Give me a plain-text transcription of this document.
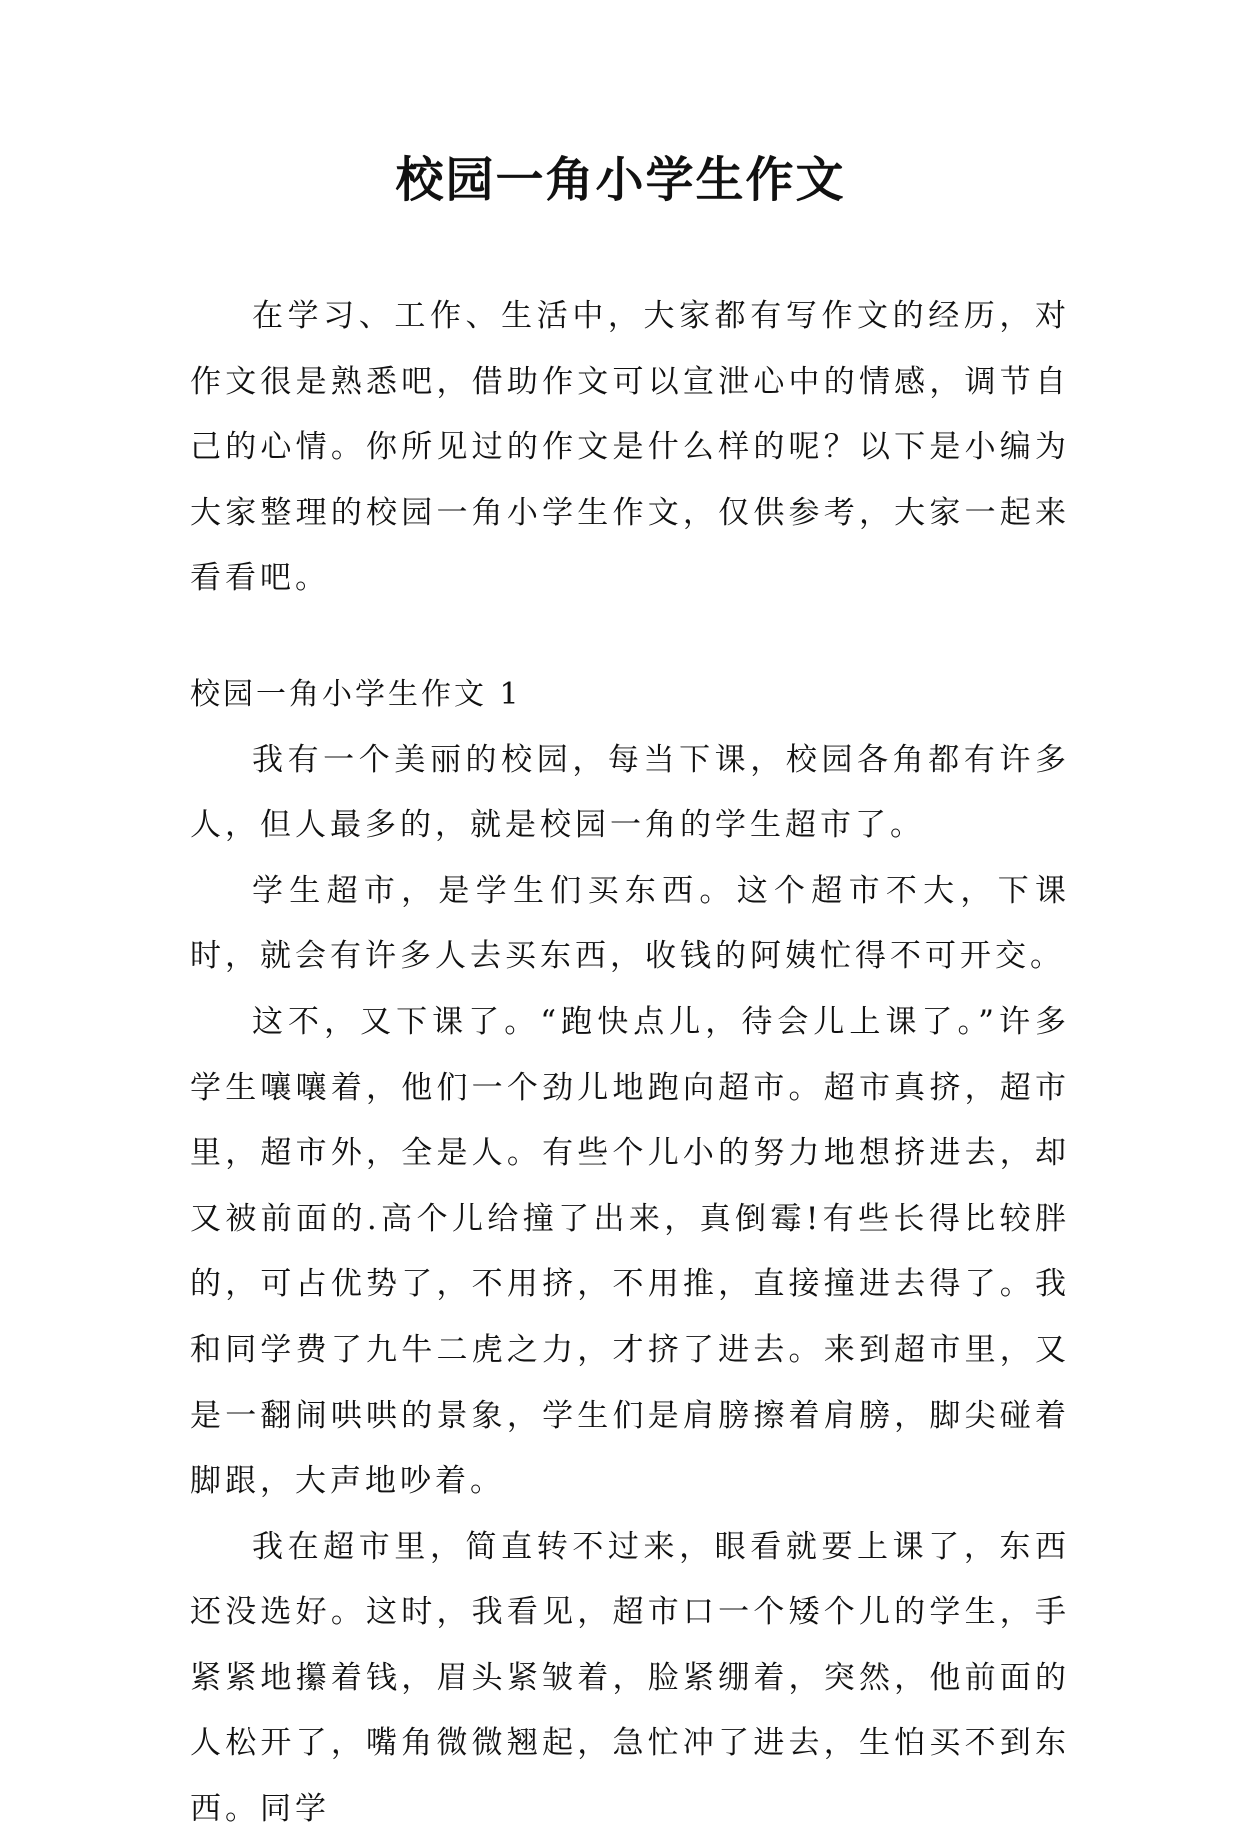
校园一角小学生作文

在学习、工作、生活中，大家都有写作文的经历，对作文很是熟悉吧，借助作文可以宣泄心中的情感，调节自己的心情。你所见过的作文是什么样的呢？以下是小编为大家整理的校园一角小学生作文，仅供参考，大家一起来看看吧。

校园一角小学生作文 1

我有一个美丽的校园，每当下课，校园各角都有许多人，但人最多的，就是校园一角的学生超市了。

学生超市，是学生们买东西。这个超市不大，下课时，就会有许多人去买东西，收钱的阿姨忙得不可开交。

这不，又下课了。“跑快点儿，待会儿上课了。”许多学生嚷嚷着，他们一个劲儿地跑向超市。超市真挤，超市里，超市外，全是人。有些个儿小的努力地想挤进去，却又被前面的.高个儿给撞了出来，真倒霉!有些长得比较胖的，可占优势了，不用挤，不用推，直接撞进去得了。我和同学费了九牛二虎之力，才挤了进去。来到超市里，又是一翻闹哄哄的景象，学生们是肩膀擦着肩膀，脚尖碰着脚跟，大声地吵着。

我在超市里，简直转不过来，眼看就要上课了，东西还没选好。这时，我看见，超市口一个矮个儿的学生，手紧紧地攥着钱，眉头紧皱着，脸紧绷着，突然，他前面的人松开了，嘴角微微翘起，急忙冲了进去，生怕买不到东西。同学
